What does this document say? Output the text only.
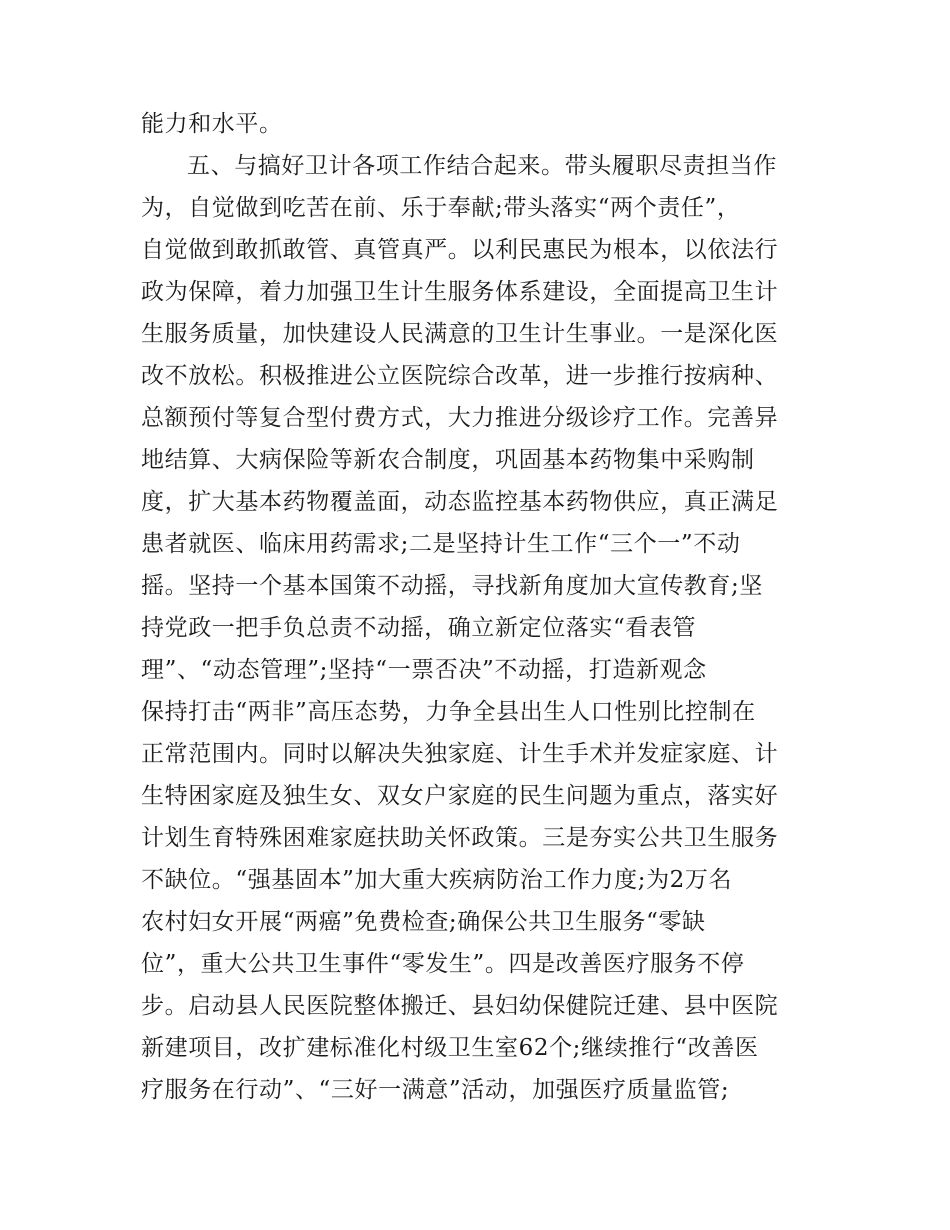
能力和水平。
五、与搞好卫计各项工作结合起来。带头履职尽责担当作
为，自觉做到吃苦在前、乐于奉献;带头落实“两个责任”，
自觉做到敢抓敢管、真管真严。以利民惠民为根本，以依法行
政为保障，着力加强卫生计生服务体系建设，全面提高卫生计
生服务质量，加快建设人民满意的卫生计生事业。一是深化医
改不放松。积极推进公立医院综合改革，进一步推行按病种、
总额预付等复合型付费方式，大力推进分级诊疗工作。完善异
地结算、大病保险等新农合制度，巩固基本药物集中采购制
度，扩大基本药物覆盖面，动态监控基本药物供应，真正满足
患者就医、临床用药需求;二是坚持计生工作“三个一”不动
摇。坚持一个基本国策不动摇，寻找新角度加大宣传教育;坚
持党政一把手负总责不动摇，确立新定位落实“看表管
理”、“动态管理”;坚持“一票否决”不动摇，打造新观念
保持打击“两非”高压态势，力争全县出生人口性别比控制在
正常范围内。同时以解决失独家庭、计生手术并发症家庭、计
生特困家庭及独生女、双女户家庭的民生问题为重点，落实好
计划生育特殊困难家庭扶助关怀政策。三是夯实公共卫生服务
不缺位。“强基固本”加大重大疾病防治工作力度;为2万名
农村妇女开展“两癌”免费检查;确保公共卫生服务“零缺
位”，重大公共卫生事件“零发生”。四是改善医疗服务不停
步。启动县人民医院整体搬迁、县妇幼保健院迁建、县中医院
新建项目，改扩建标准化村级卫生室62个;继续推行“改善医
疗服务在行动”、“三好一满意”活动，加强医疗质量监管;
